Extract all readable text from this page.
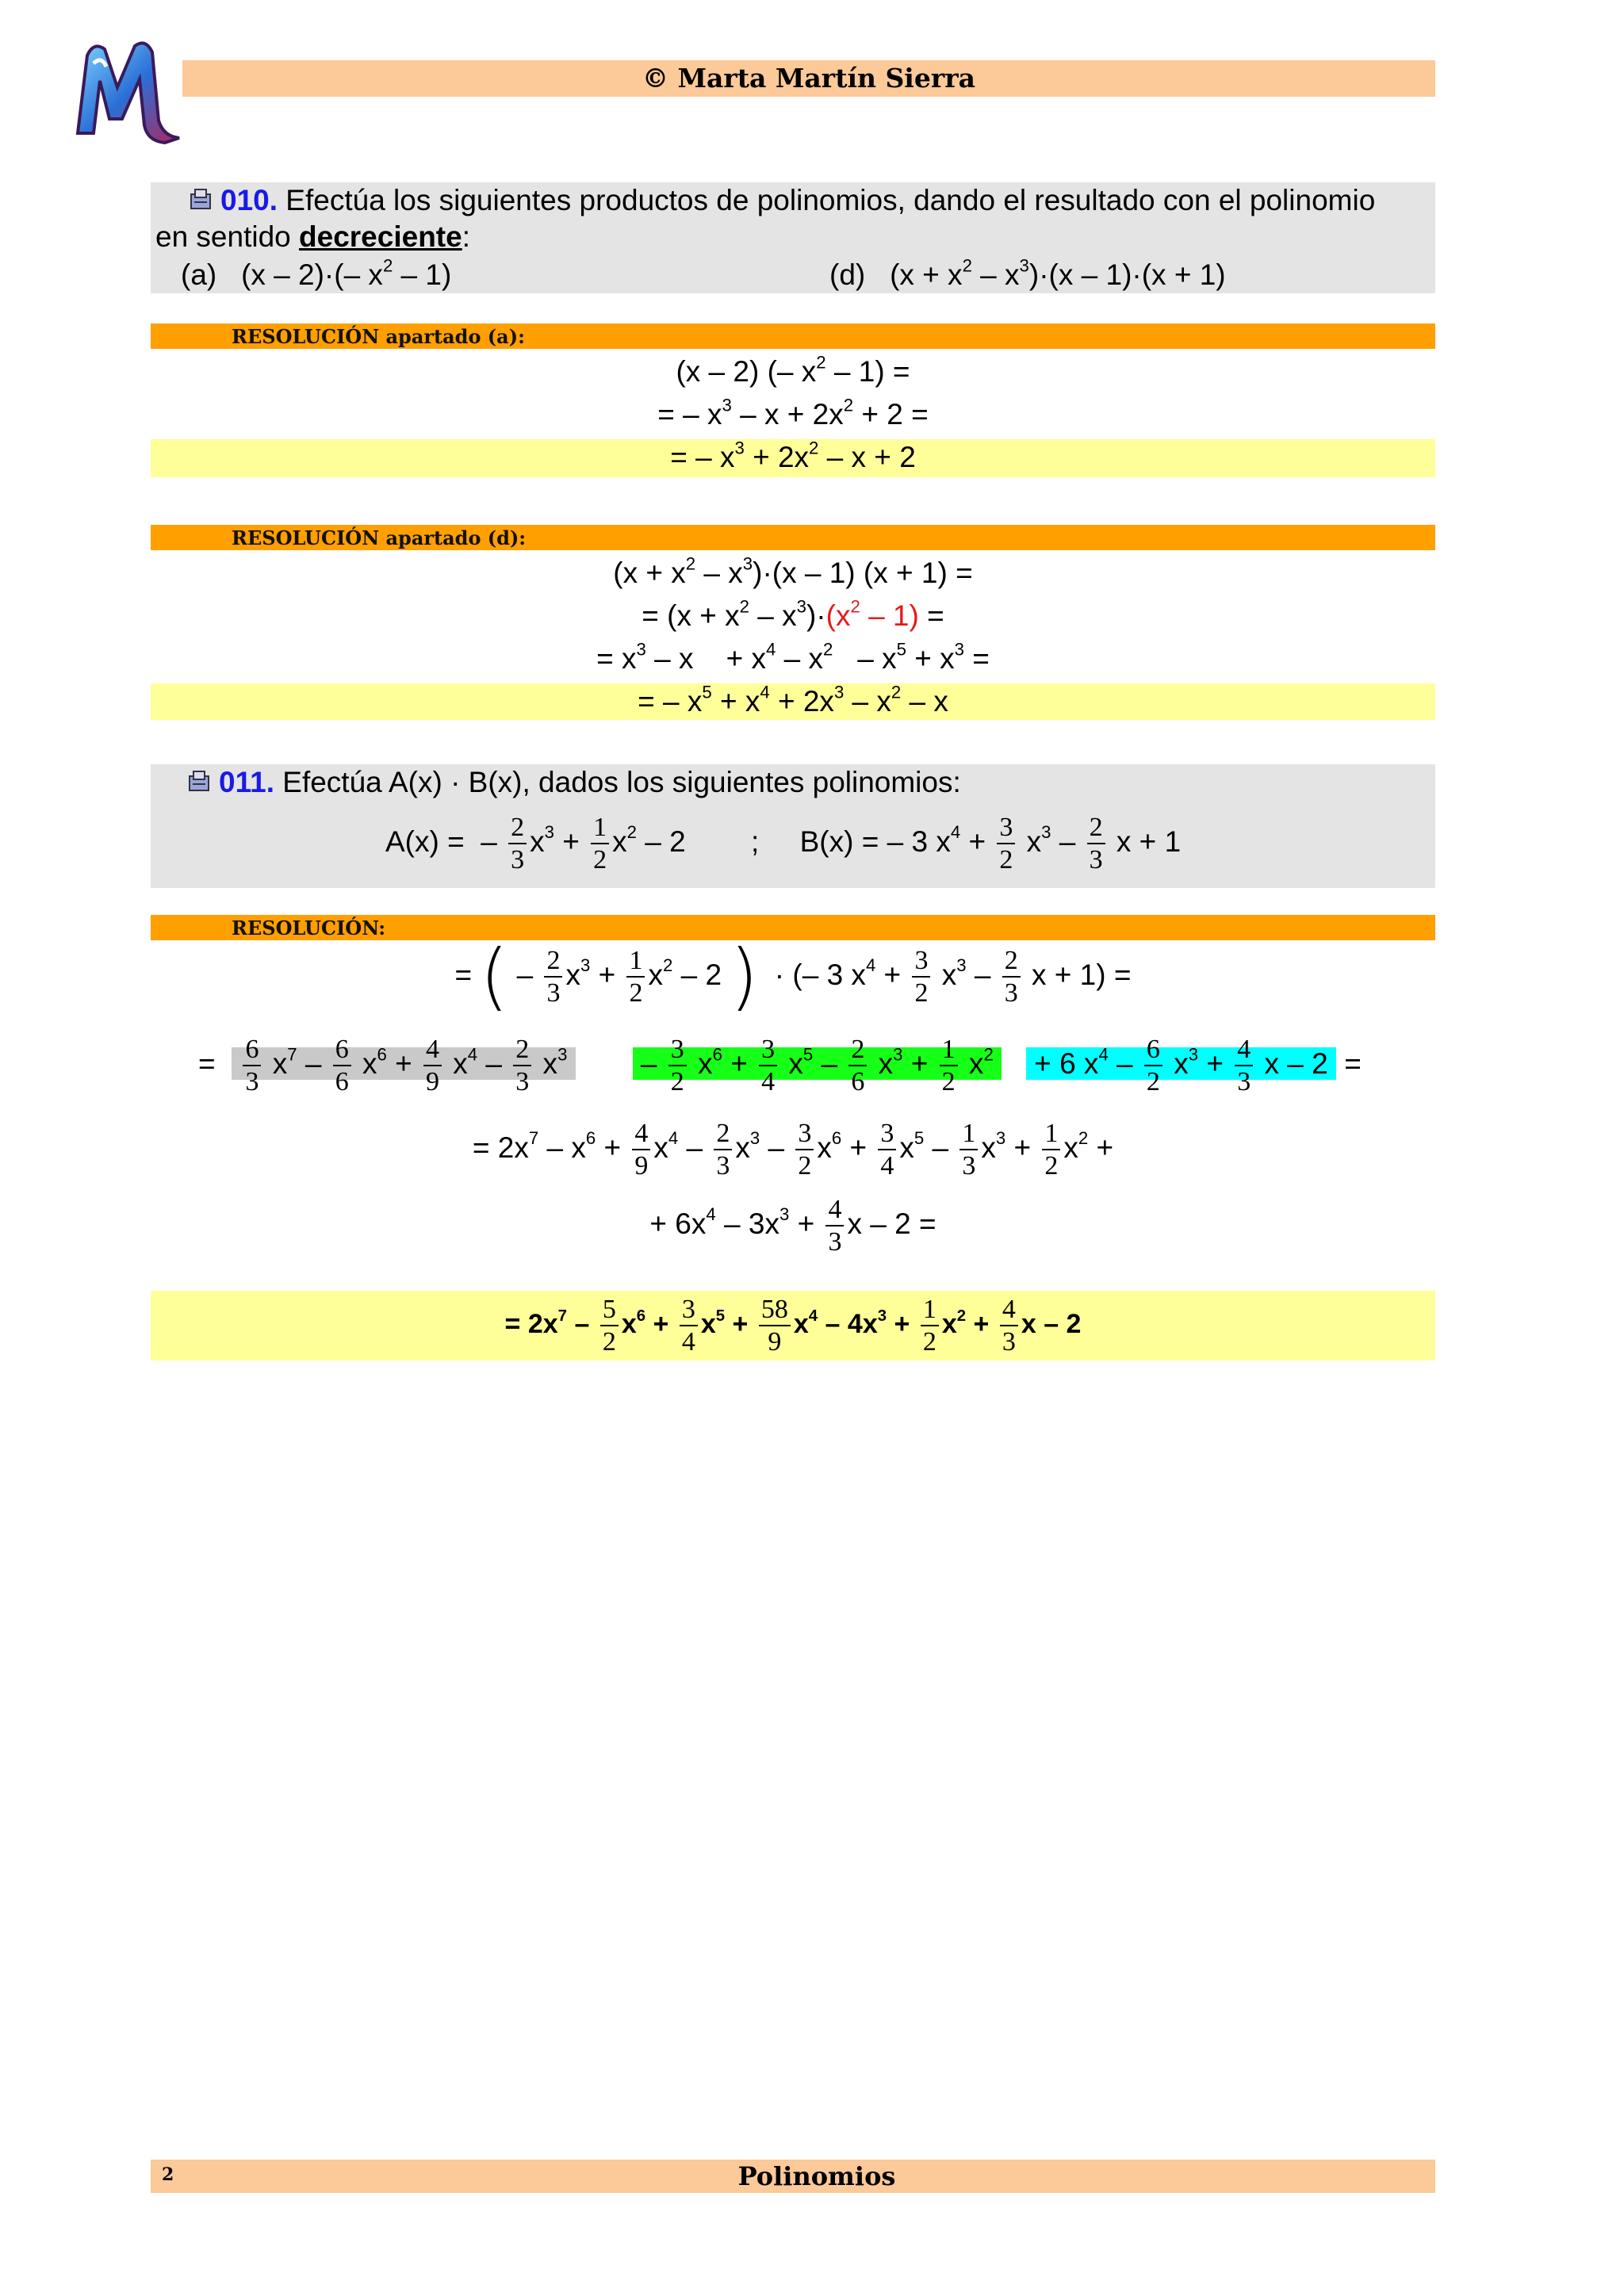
© Marta Martín Sierra
010. Efectúa los siguientes productos de polinomios, dando el resultado con el polinomio
en sentido decreciente:
(a)   (x – 2)·(– $x^2 - 1$)	(d)   $(x + x^2 - x^3)\cdot(x - 1)\cdot(x + 1)$
RESOLUCIÓN apartado (a):
(x – 2) (– $x^2 - 1$) =
= – $x^3 - x + 2x^2 + 2$ =
= – $x^3 + 2x^2 - x + 2$
RESOLUCIÓN apartado (d):
$(x + x^2 - x^3)\cdot(x - 1)$ (x + 1) =
= $(x + x^2 - x^3)\cdot(x^2 - 1)$ =
= $x^3$ – x    + $x^4 - x^2 - x^5 + x^3$ =
= – $x^5 + x^4 + 2x^3 - x^2 - x$
011. Efectúa A(x) · B(x), dados los siguientes polinomios:
A(x) =  – $\frac{2}{3} x^3 + \frac{1}{2} x^2 - 2$        ;     B(x) = – 3 $x^4 + \frac{3}{2} x^3 - \frac{2}{3}$ x + 1
RESOLUCIÓN:
= ( – $\frac{2}{3} x^3 + \frac{1}{2} x^2 - 2$ )  · (– 3 $x^4 + \frac{3}{2} x^3 - \frac{2}{3}$ x + 1) =
= $\frac{6}{3} x^7 - \frac{6}{6} x^6 + \frac{4}{9} x^4 - \frac{2}{3} x^3$         – $\frac{3}{2} x^6 + \frac{3}{4} x^5 - \frac{2}{6} x^3 + \frac{1}{2} x^2$     + 6 $x^4 - \frac{6}{2} x^3 + \frac{4}{3}$ x – 2  =
= $2x^7 - x^6 + \frac{4}{9} x^4 - \frac{2}{3} x^3 - \frac{3}{2} x^6 + \frac{3}{4} x^5 - \frac{1}{3} x^3 + \frac{1}{2} x^2$ +
+ $6x^4 - 3x^3 + \frac{4}{3}$ x – 2 =
= $2x^7 - \frac{5}{2} x^6 + \frac{3}{4} x^5 + \frac{58}{9} x^4 - 4x^3 + \frac{1}{2} x^2 + \frac{4}{3}$ x – 2
2	Polinomios
